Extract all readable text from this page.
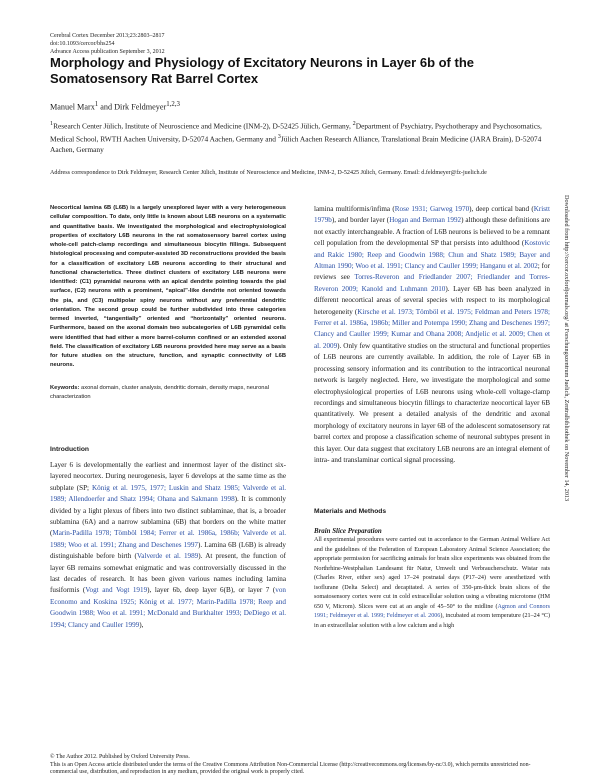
Cerebral Cortex December 2013;23:2803–2817
doi:10.1093/cercor/bhs254
Advance Access publication September 3, 2012
Morphology and Physiology of Excitatory Neurons in Layer 6b of the
Somatosensory Rat Barrel Cortex
Manuel Marx$^1$ and Dirk Feldmeyer$^{1,2,3}$
$^1$Research Center Jülich, Institute of Neuroscience and Medicine (INM-2), D-52425 Jülich, Germany, $^2$Department of Psychiatry, Psychotherapy and Psychosomatics, Medical School, RWTH Aachen University, D-52074 Aachen, Germany and $^3$Jülich Aachen Research Alliance, Translational Brain Medicine (JARA Brain), D-52074 Aachen, Germany
Address correspondence to Dirk Feldmeyer, Research Center Jülich, Institute of Neuroscience and Medicine, INM-2, D-52425 Jülich, Germany. Email: d.feldmeyer@fz-juelich.de

Neocortical lamina 6B (L6B) is a largely unexplored layer with a very heterogeneous cellular composition. To date, only little is known about L6B neurons on a systematic and quantitative basis. We investigated the morphological and electrophysiological properties of excitatory L6B neurons in the rat somatosensory barrel cortex using whole-cell patch-clamp recordings and simultaneous biocytin fillings. Subsequent histological processing and computer-assisted 3D reconstructions provided the basis for a classification of excitatory L6B neurons according to their structural and functional characteristics. Three distinct clusters of excitatory L6B neurons were identified: (C1) pyramidal neurons with an apical dendrite pointing towards the pial surface, (C2) neurons with a prominent, “apical”-like dendrite not oriented towards the pia, and (C3) multipolar spiny neurons without any preferential dendritic orientation. The second group could be further subdivided into three categories termed inverted, “tangentially” oriented and “horizontally” oriented neurons. Furthermore, based on the axonal domain two subcategories of L6B pyramidal cells were identified that had either a more barrel-column confined or an extended axonal field. The classification of excitatory L6B neurons provided here may serve as a basis for future studies on the structure, function, and synaptic connectivity of L6B neurons.

Keywords: axonal domain, cluster analysis, dendritic domain, density maps, neuronal characterization

Introduction

Layer 6 is developmentally the earliest and innermost layer of the distinct six-layered neocortex. During neurogenesis, layer 6 develops at the same time as the subplate (SP; König et al. 1975, 1977; Luskin and Shatz 1985; Valverde et al. 1989; Allendoerfer and Shatz 1994; Ohana and Sakmann 1998). It is commonly divided by a light plexus of fibers into two distinct sublaminae, that is, a broader sublamina (6A) and a narrow sublamina (6B) that borders on the white matter (Marin-Padilla 1978; Tömböl 1984; Ferrer et al. 1986a, 1986b; Valverde et al. 1989; Woo et al. 1991; Zhang and Deschenes 1997). Lamina 6B (L6B) is already distinguishable before birth (Valverde et al. 1989). At present, the function of layer 6B remains somewhat enigmatic and was controversially discussed in the last decades of research. It has been given various names including lamina fusiformis (Vogt and Vogt 1919), layer 6b, deep layer 6(B), or layer 7 (von Economo and Koskina 1925; König et al. 1977; Marin-Padilla 1978; Reep and Goodwin 1988; Woo et al. 1991; McDonald and Burkhalter 1993; DeDiego et al. 1994; Clancy and Cauller 1999),

lamina multiformis/infima (Rose 1931; Garweg 1970), deep cortical band (Kristt 1979b), and border layer (Hogan and Berman 1992) although these definitions are not exactly interchangeable. A fraction of L6B neurons is believed to be a remnant cell population from the developmental SP that persists into adulthood (Kostovic and Rakic 1980; Reep and Goodwin 1988; Chun and Shatz 1989; Bayer and Altman 1990; Woo et al. 1991; Clancy and Cauller 1999; Hanganu et al. 2002; for reviews see Torres-Reveron and Friedlander 2007; Friedlander and Torres-Reveron 2009; Kanold and Luhmann 2010). Layer 6B has been analyzed in different neocortical areas of several species with respect to its morphological heterogeneity (Kirsche et al. 1973; Tömböl et al. 1975; Feldman and Peters 1978; Ferrer et al. 1986a, 1986b; Miller and Potempa 1990; Zhang and Deschenes 1997; Clancy and Cauller 1999; Kumar and Ohana 2008; Andjelic et al. 2009; Chen et al. 2009). Only few quantitative studies on the structural and functional properties of L6B neurons are currently available. In addition, the role of Layer 6B in processing sensory information and its contribution to the intracortical neuronal network is largely neglected. Here, we investigate the morphological and some electrophysiological properties of L6B neurons using whole-cell voltage-clamp recordings and simultaneous biocytin fillings to characterize neocortical layer 6B quantitatively. We present a detailed analysis of the dendritic and axonal morphology of excitatory neurons in layer 6B of the adolescent somatosensory rat barrel cortex and propose a classification scheme of neuronal subtypes present in this layer. Our data suggest that excitatory L6B neurons are an integral element of intra- and translaminar cortical signal processing.

Materials and Methods
Brain Slice Preparation

All experimental procedures were carried out in accordance to the German Animal Welfare Act and the guidelines of the Federation of European Laboratory Animal Science Association; the appropriate permission for sacrificing animals for brain slice experiments was obtained from the Northrhine-Westphalian Landesamt für Natur, Umwelt und Verbraucherschutz. Wistar rats (Charles River, either sex) aged 17–24 postnatal days (P17–24) were anesthetized with isoflurane (Delta Select) and decapitated. A series of 350-µm-thick brain slices of the somatosensory cortex were cut in cold extracellular solution using a vibrating microtome (HM 650 V, Microm). Slices were cut at an angle of 45–50° to the midline (Agmon and Connors 1991; Feldmeyer et al. 1999; Feldmeyer et al. 2006), incubated at room temperature (21–24 °C) in an extracellular solution with a low calcium and a high

Downloaded from http://cercor.oxfordjournals.org/ at Forschungszentrum Juelich, Zentralbibliothek on November 14, 2013
© The Author 2012. Published by Oxford University Press.
This is an Open Access article distributed under the terms of the Creative Commons Attribution Non-Commercial License (http://creativecommons.org/licenses/by-nc/3.0), which permits unrestricted non-commercial use, distribution, and reproduction in any medium, provided the original work is properly cited.
